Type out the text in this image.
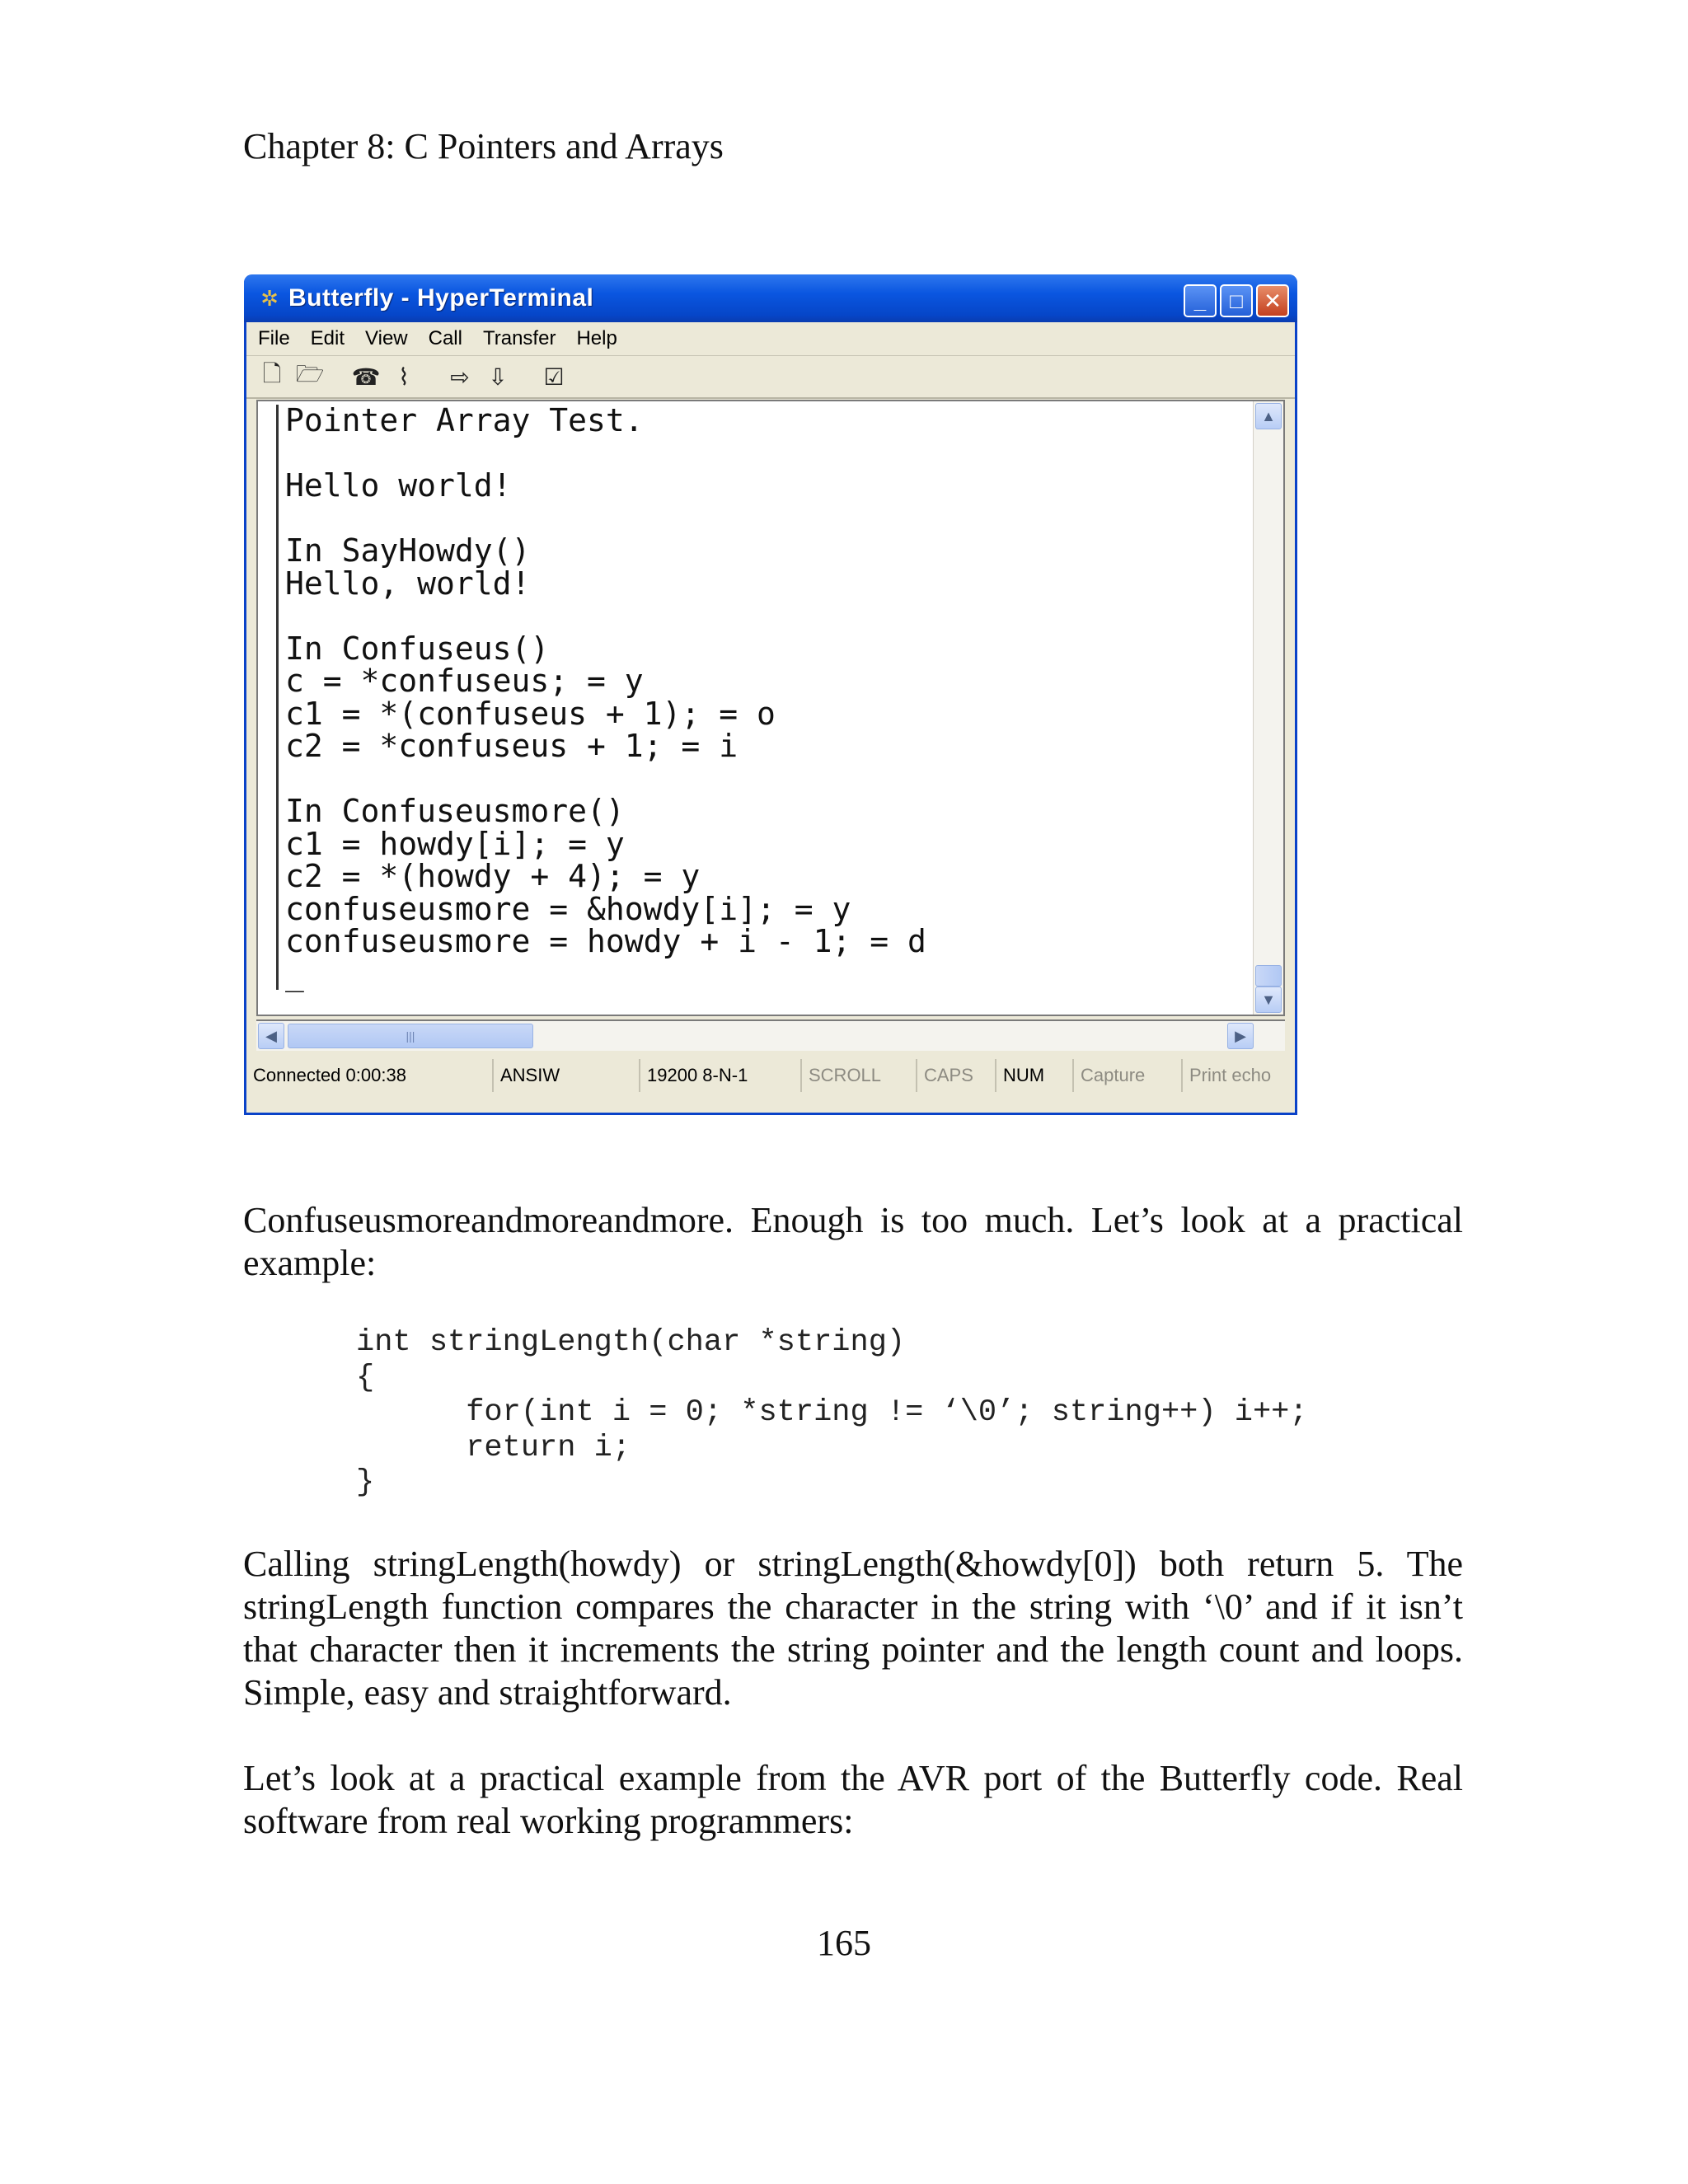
Chapter 8: C Pointers and Arrays
✲ Butterfly - HyperTerminal	_	□ ✕
File Edit View Call Transfer Help
🗋 🗁 ☎ ⌇	⇨ ⇩ ☑
Pointer Array Test.

Hello world!

In SayHowdy()
Hello, world!

In Confuseus()
c = *confuseus; = y
c1 = *(confuseus + 1); = o
c2 = *confuseus + 1; = i

In Confuseusmore()
c1 = howdy[i]; = y
c2 = *(howdy + 4); = y
confuseusmore = &howdy[i]; = y
confuseusmore = howdy + i - 1; = d
_
▲
▼
◀	|||	▶
Connected 0:00:38	ANSIW	19200 8-N-1	SCROLL	CAPS	NUM	Capture	Print echo

Confuseusmoreandmoreandmore. Enough is too much. Let’s look at a practical example:

int stringLength(char *string)
{
for(int i = 0; *string != ‘\0’; string++) i++;
return i;
}

Calling stringLength(howdy) or stringLength(&howdy[0]) both return 5. The stringLength function compares the character in the string with ‘\0’ and if it isn’t that character then it increments the string pointer and the length count and loops. Simple, easy and straightforward.

Let’s look at a practical example from the AVR port of the Butterfly code. Real software from real working programmers:

165
